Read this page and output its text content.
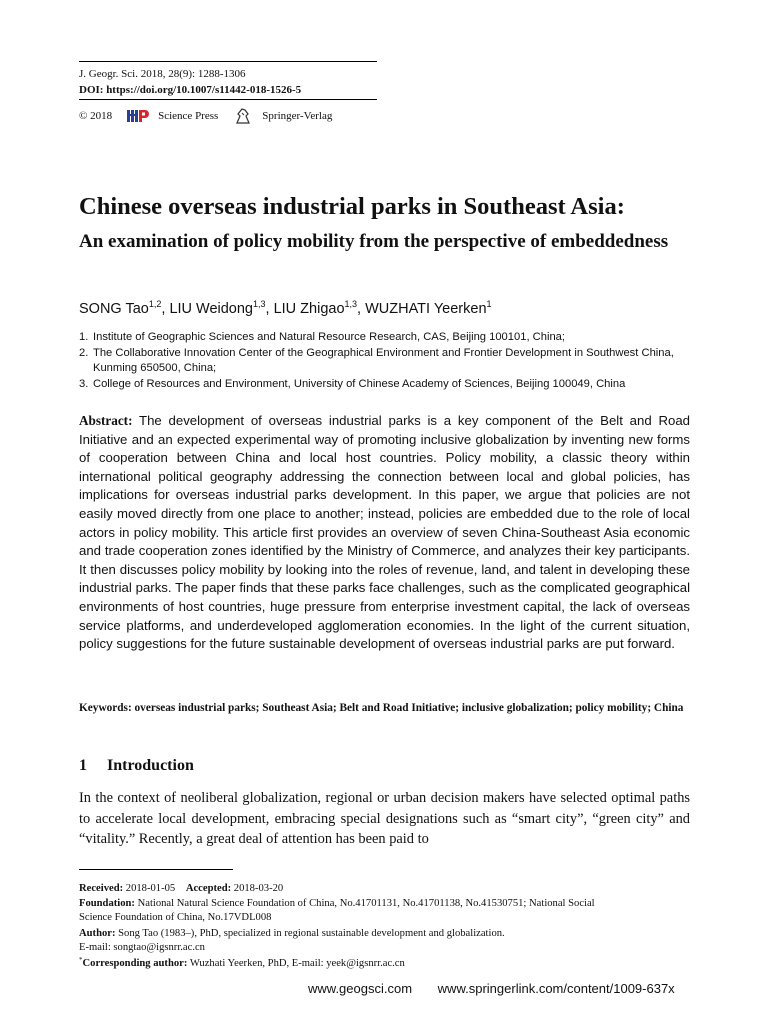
J. Geogr. Sci. 2018, 28(9): 1288-1306
DOI: https://doi.org/10.1007/s11442-018-1526-5
© 2018	Science Press	Springer-Verlag
Chinese overseas industrial parks in Southeast Asia:
An examination of policy mobility from the perspective of embeddedness
SONG Tao$^{1,2}$, LIU Weidong$^{1,3}$, LIU Zhigao$^{1,3}$, WUZHATI Yeerken$^1$
1. Institute of Geographic Sciences and Natural Resource Research, CAS, Beijing 100101, China;
2. The Collaborative Innovation Center of the Geographical Environment and Frontier Development in Southwest China, Kunming 650500, China;
3. College of Resources and Environment, University of Chinese Academy of Sciences, Beijing 100049, China
Abstract: The development of overseas industrial parks is a key component of the Belt and Road Initiative and an expected experimental way of promoting inclusive globalization by inventing new forms of cooperation between China and local host countries. Policy mobility, a classic theory within international political geography addressing the connection between local and global policies, has implications for overseas industrial parks development. In this paper, we argue that policies are not easily moved directly from one place to another; instead, policies are embedded due to the role of local actors in policy mobility. This article first provides an overview of seven China-Southeast Asia economic and trade cooperation zones identified by the Ministry of Commerce, and analyzes their key participants. It then discusses policy mobility by looking into the roles of revenue, land, and talent in developing these industrial parks. The paper finds that these parks face challenges, such as the complicated geographical environments of host countries, huge pressure from enterprise investment capital, the lack of overseas service platforms, and underdeveloped agglomeration economies. In the light of the current situation, policy suggestions for the future sustainable development of overseas industrial parks are put forward.
Keywords: overseas industrial parks; Southeast Asia; Belt and Road Initiative; inclusive globalization; policy mobility; China
1 Introduction
In the context of neoliberal globalization, regional or urban decision makers have selected optimal paths to accelerate local development, embracing special designations such as “smart city”, “green city” and “vitality.” Recently, a great deal of attention has been paid to
Received: 2018-01-05 Accepted: 2018-03-20
Foundation: National Natural Science Foundation of China, No.41701131, No.41701138, No.41530751; National Social
Science Foundation of China, No.17VDL008
Author: Song Tao (1983–), PhD, specialized in regional sustainable development and globalization.
E-mail: songtao@igsnrr.ac.cn
*Corresponding author: Wuzhati Yeerken, PhD, E-mail: yeek@igsnrr.ac.cn
www.geogsci.com www.springerlink.com/content/1009-637x
